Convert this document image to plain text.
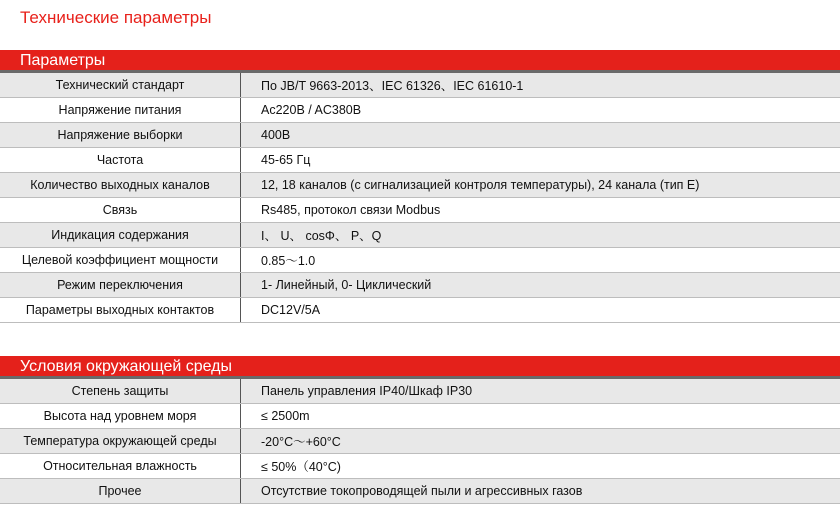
Технические параметры
Параметры
Технический стандарт	По JB/T 9663-2013、IEC 61326、IEC 61610-1
Напряжение питания	Ac220B / AC380B
Напряжение выборки	400B
Частота	45-65 Гц
Количество выходных каналов	12, 18 каналов (с сигнализацией контроля температуры), 24 канала (тип Е)
Связь	Rs485, протокол связи Modbus
Индикация содержания	I、 U、 cosΦ、 P、Q
Целевой коэффициент мощности	0.85～1.0
Режим переключения	1- Линейный, 0- Циклический
Параметры выходных контактов	DC12V/5A
Условия окружающей среды
Степень защиты	Панель управления IP40/Шкаф IP30
Высота над уровнем моря	≤ 2500m
Температура окружающей среды	-20°C～+60°C
Относительная влажность	≤ 50%（40°C)
Прочее	Отсутствие токопроводящей пыли и агрессивных газов
